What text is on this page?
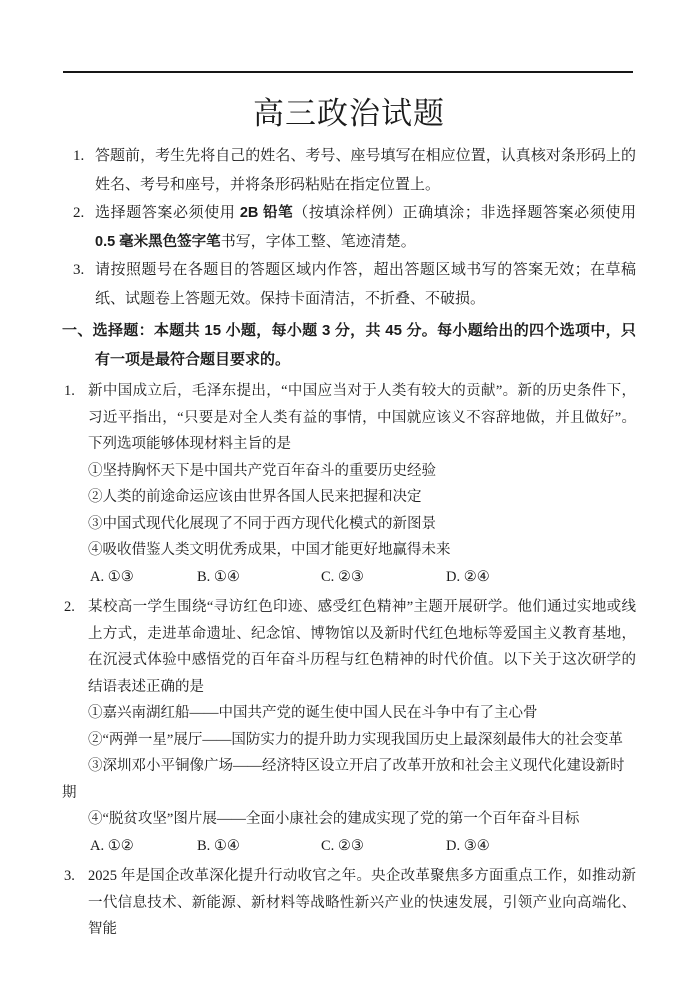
高三政治试题
1. 答题前，考生先将自己的姓名、考号、座号填写在相应位置，认真核对条形码上的姓名、考号和座号，并将条形码粘贴在指定位置上。
2. 选择题答案必须使用 2B 铅笔（按填涂样例）正确填涂；非选择题答案必须使用 0.5 毫米黑色签字笔书写，字体工整、笔迹清楚。
3. 请按照题号在各题目的答题区域内作答，超出答题区域书写的答案无效；在草稿纸、试题卷上答题无效。保持卡面清洁，不折叠、不破损。
一、选择题：本题共 15 小题，每小题 3 分，共 45 分。每小题给出的四个选项中，只有一项是最符合题目要求的。
1. 新中国成立后，毛泽东提出，“中国应当对于人类有较大的贡献”。新的历史条件下，习近平指出，“只要是对全人类有益的事情，中国就应该义不容辞地做，并且做好”。下列选项能够体现材料主旨的是
①坚持胸怀天下是中国共产党百年奋斗的重要历史经验
②人类的前途命运应该由世界各国人民来把握和决定
③中国式现代化展现了不同于西方现代化模式的新图景
④吸收借鉴人类文明优秀成果，中国才能更好地赢得未来
A. ①③	B. ①④	C. ②③	D. ②④
2. 某校高一学生围绕“寻访红色印迹、感受红色精神”主题开展研学。他们通过实地或线上方式，走进革命遗址、纪念馆、博物馆以及新时代红色地标等爱国主义教育基地，在沉浸式体验中感悟党的百年奋斗历程与红色精神的时代价值。以下关于这次研学的结语表述正确的是
①嘉兴南湖红船——中国共产党的诞生使中国人民在斗争中有了主心骨
②“两弹一星”展厅——国防实力的提升助力实现我国历史上最深刻最伟大的社会变革
③深圳邓小平铜像广场——经济特区设立开启了改革开放和社会主义现代化建设新时
期
④“脱贫攻坚”图片展——全面小康社会的建成实现了党的第一个百年奋斗目标
A. ①②	B. ①④	C. ②③	D. ③④
3. 2025 年是国企改革深化提升行动收官之年。央企改革聚焦多方面重点工作，如推动新一代信息技术、新能源、新材料等战略性新兴产业的快速发展，引领产业向高端化、智能
